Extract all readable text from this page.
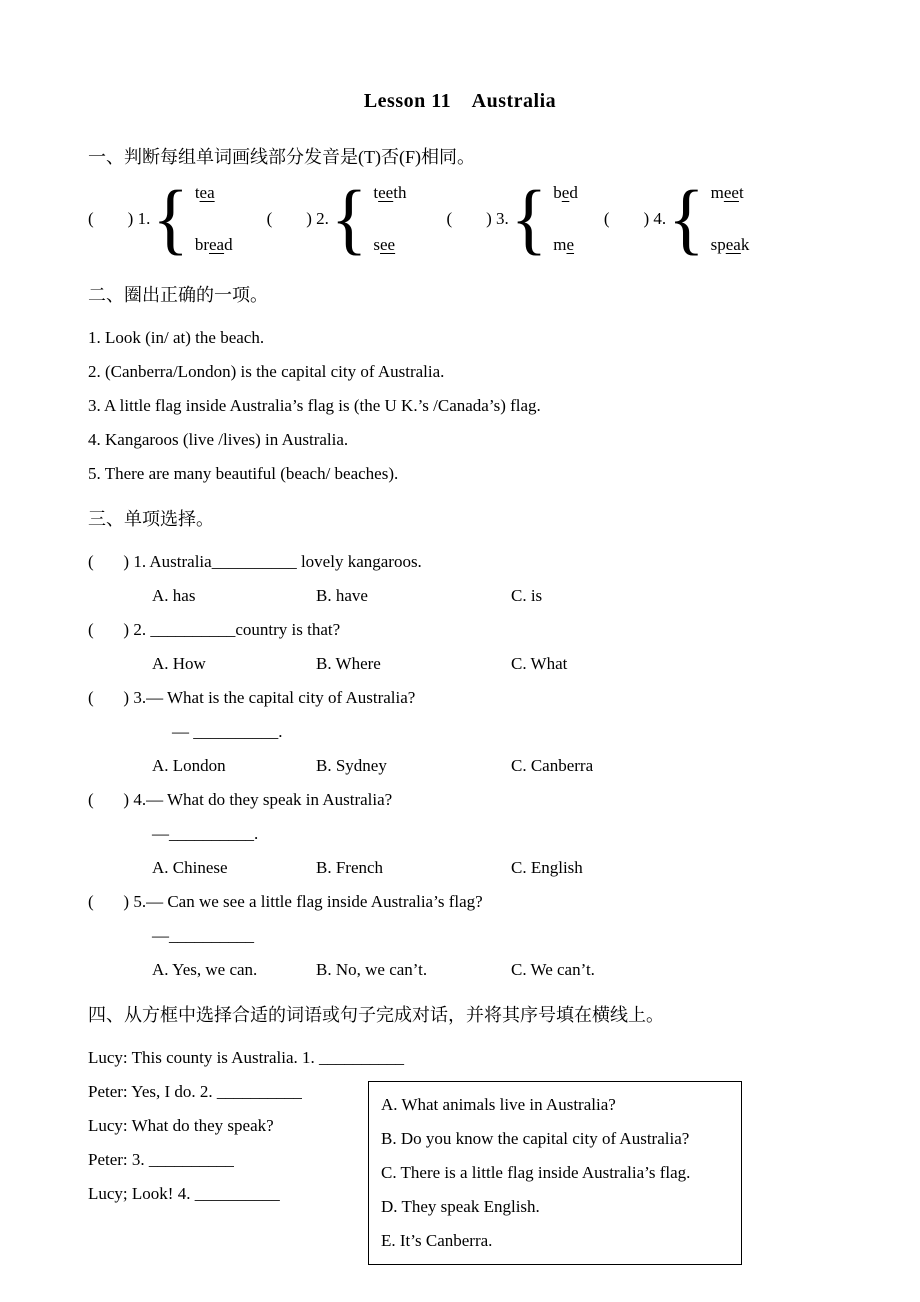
Lesson 11　Australia
一、判断每组单词画线部分发音是(T)否(F)相同。
(        ) 1. { tea
bread
(        ) 2. { teeth
see
(        ) 3. { bed
me
(        ) 4. { meet
speak
二、圈出正确的一项。
1. Look (in/ at) the beach.
2. (Canberra/London) is the capital city of Australia.
3. A little flag inside Australia’s flag is (the U K.’s /Canada’s) flag.
4. Kangaroos (live /lives) in Australia.
5. There are many beautiful (beach/ beaches).
三、单项选择。
(       ) 1. Australia__________ lovely kangaroos.
A. has	B. have	C. is
(       ) 2. __________country is that?
A. How	B. Where	C. What
(       ) 3.— What is the capital city of Australia?
— __________.
A. London	B. Sydney	C. Canberra
(       ) 4.— What do they speak in Australia?
—__________.
A. Chinese	B. French	C. English
(       ) 5.— Can we see a little flag inside Australia’s flag?
—__________
A. Yes, we can.	B. No, we can’t.	C. We can’t.
四、从方框中选择合适的词语或句子完成对话，并将其序号填在横线上。
Lucy: This county is Australia. 1. __________
Peter: Yes, I do. 2. __________
Lucy: What do they speak?
Peter: 3. __________
Lucy; Look! 4. __________
A. What animals live in Australia?
B. Do you know the capital city of Australia?
C. There is a little flag inside Australia’s flag.
D. They speak English.
E. It’s Canberra.
